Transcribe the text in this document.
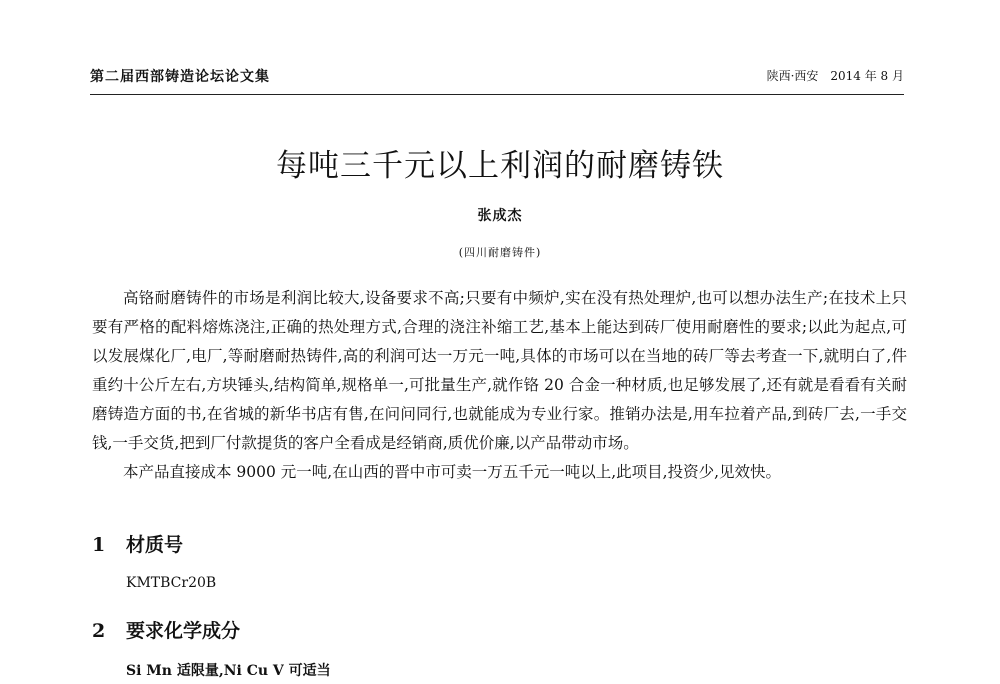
第二届西部铸造论坛论文集	陕西·西安　2014 年 8 月
每吨三千元以上利润的耐磨铸铁
张成杰
(四川耐磨铸件)

高铬耐磨铸件的市场是利润比较大,设备要求不高;只要有中频炉,实在没有热处理炉,也可以想办法生产;在技术上只要有严格的配料熔炼浇注,正确的热处理方式,合理的浇注补缩工艺,基本上能达到砖厂使用耐磨性的要求;以此为起点,可以发展煤化厂,电厂,等耐磨耐热铸件,高的利润可达一万元一吨,具体的市场可以在当地的砖厂等去考查一下,就明白了,件重约十公斤左右,方块锤头,结构简单,规格单一,可批量生产,就作铬 20 合金一种材质,也足够发展了,还有就是看看有关耐磨铸造方面的书,在省城的新华书店有售,在问问同行,也就能成为专业行家。推销办法是,用车拉着产品,到砖厂去,一手交钱,一手交货,把到厂付款提货的客户全看成是经销商,质优价廉,以产品带动市场。

本产品直接成本 9000 元一吨,在山西的晋中市可卖一万五千元一吨以上,此项目,投资少,见效快。

1 材质号
KMTBCr20B
2 要求化学成分
Si Mn 适限量,Ni Cu V 可适当
